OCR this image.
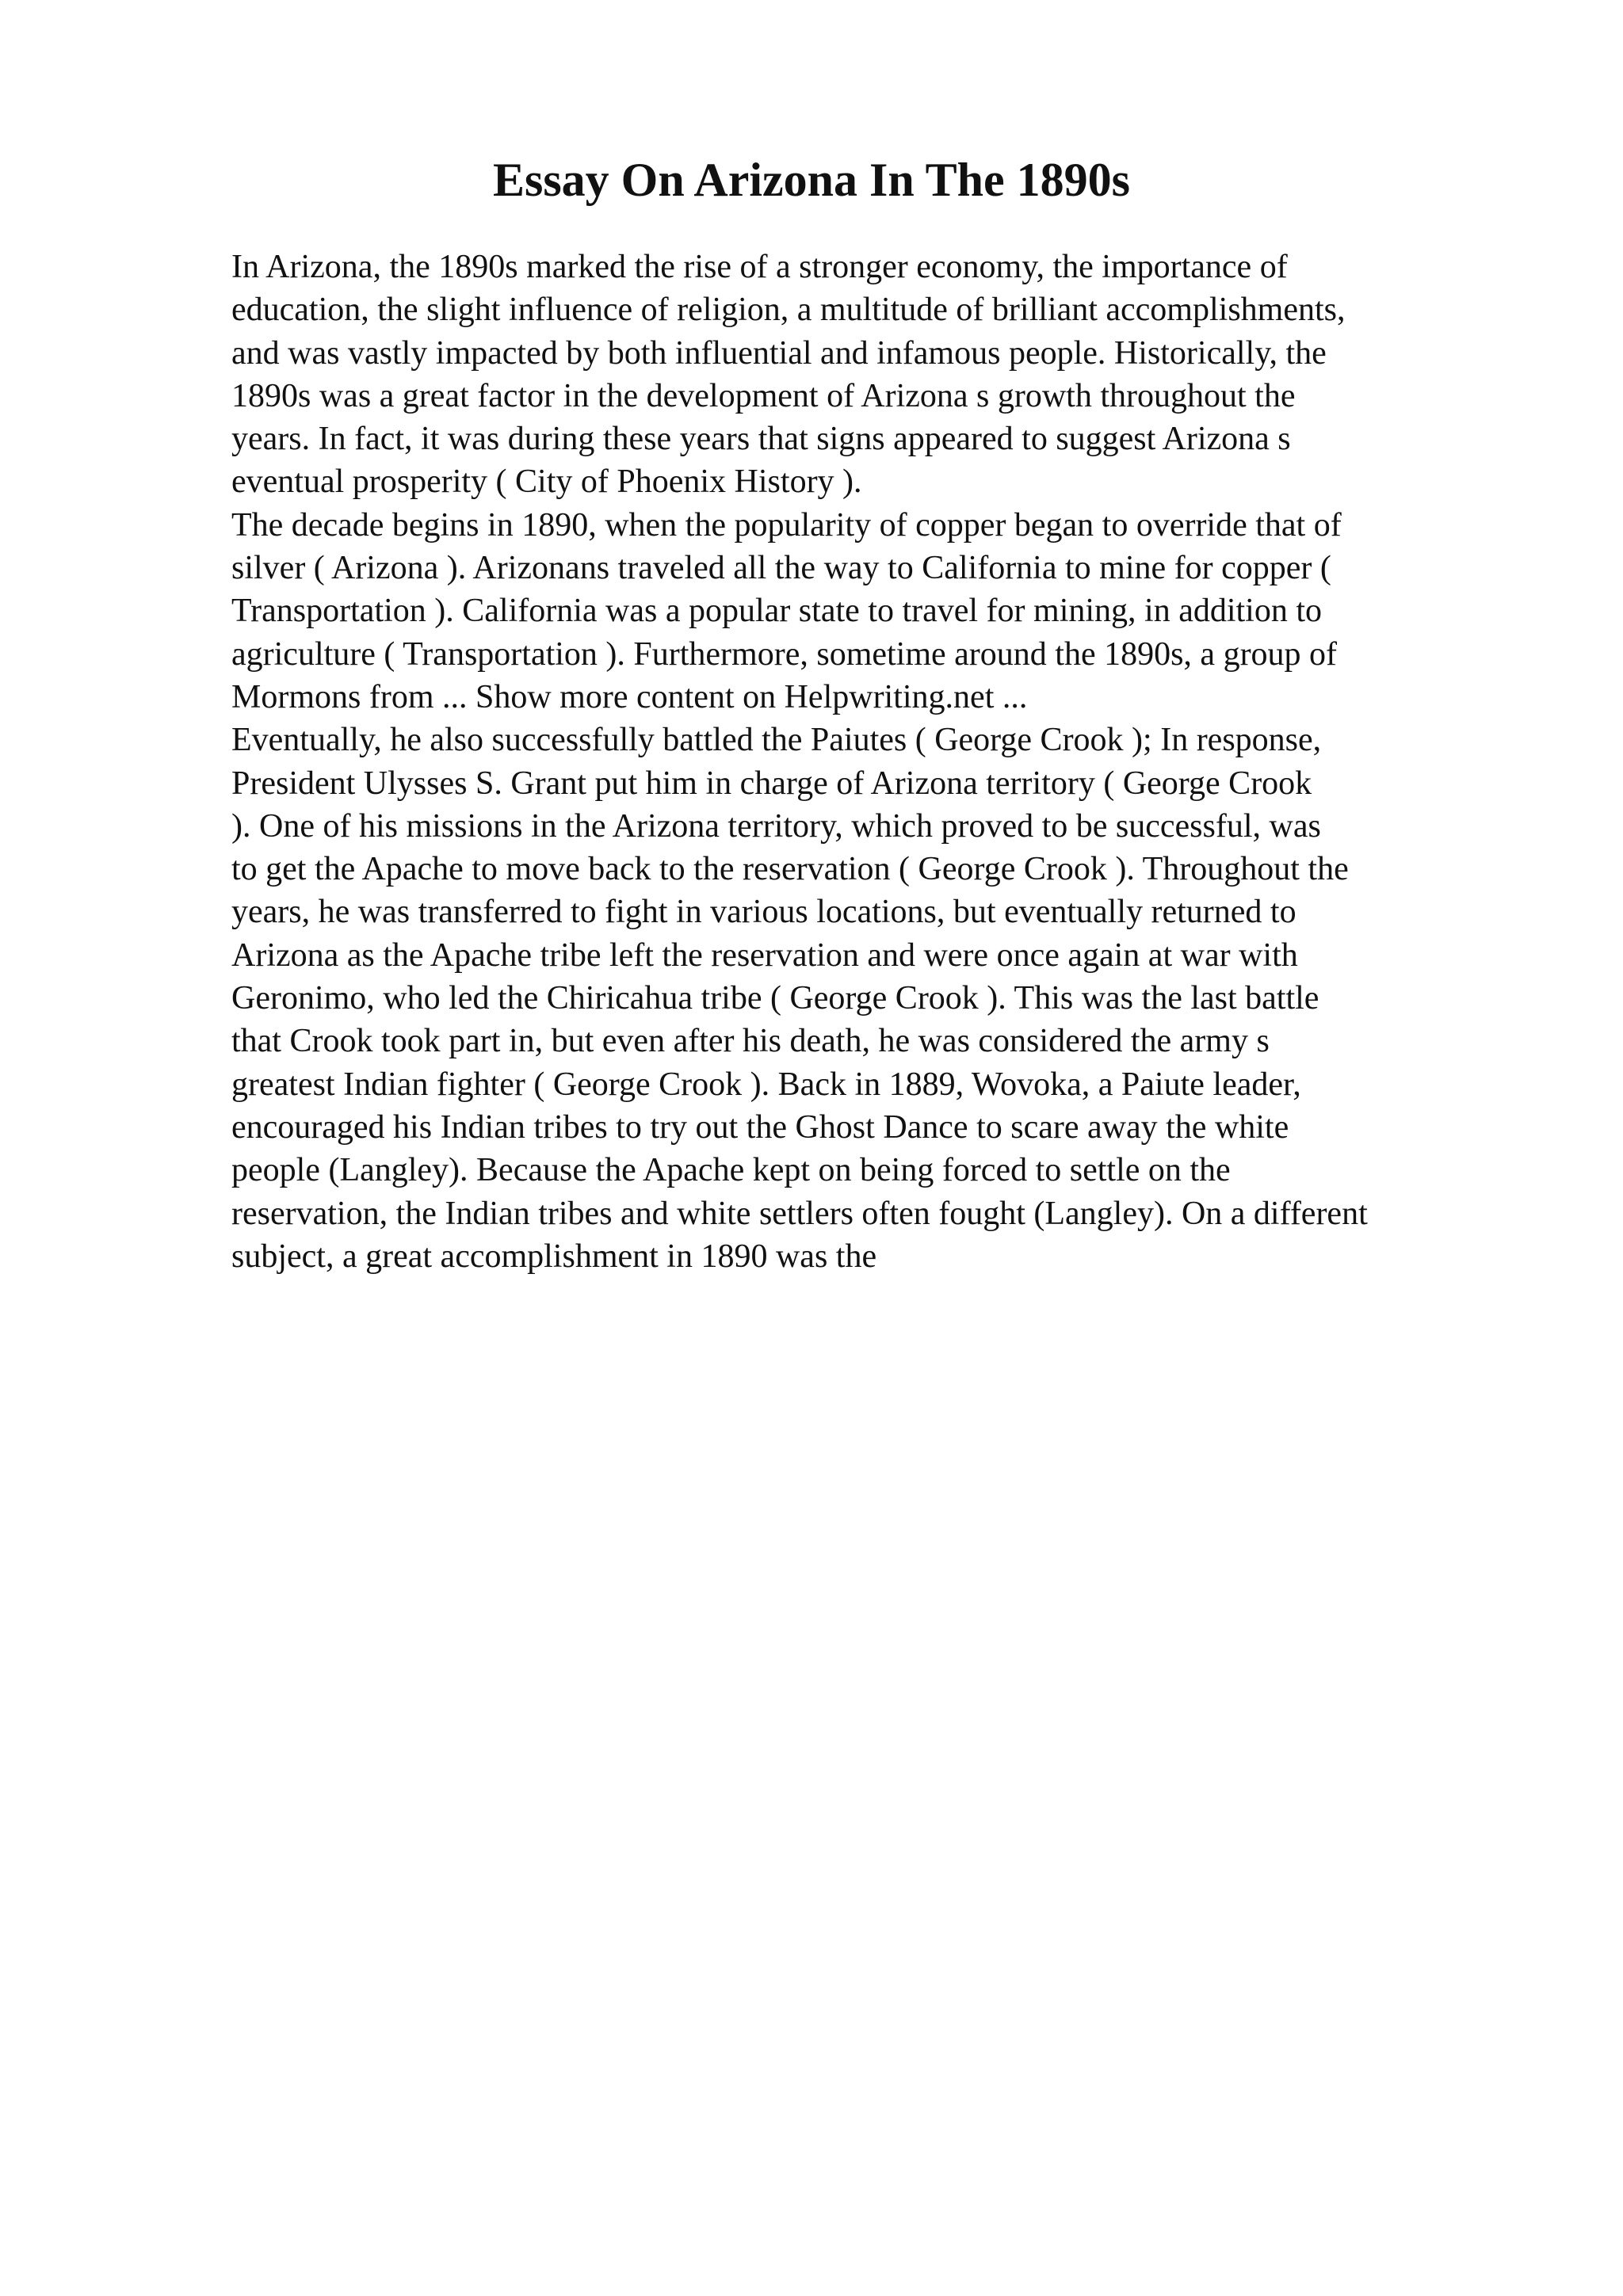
Essay On Arizona In The 1890s
In Arizona, the 1890s marked the rise of a stronger economy, the importance of
education, the slight influence of religion, a multitude of brilliant accomplishments,
and was vastly impacted by both influential and infamous people. Historically, the
1890s was a great factor in the development of Arizona s growth throughout the
years. In fact, it was during these years that signs appeared to suggest Arizona s
eventual prosperity ( City of Phoenix History ).
The decade begins in 1890, when the popularity of copper began to override that of
silver ( Arizona ). Arizonans traveled all the way to California to mine for copper (
Transportation ). California was a popular state to travel for mining, in addition to
agriculture ( Transportation ). Furthermore, sometime around the 1890s, a group of
Mormons from ... Show more content on Helpwriting.net ...
Eventually, he also successfully battled the Paiutes ( George Crook ); In response,
President Ulysses S. Grant put him in charge of Arizona territory ( George Crook
). One of his missions in the Arizona territory, which proved to be successful, was
to get the Apache to move back to the reservation ( George Crook ). Throughout the
years, he was transferred to fight in various locations, but eventually returned to
Arizona as the Apache tribe left the reservation and were once again at war with
Geronimo, who led the Chiricahua tribe ( George Crook ). This was the last battle
that Crook took part in, but even after his death, he was considered the army s
greatest Indian fighter ( George Crook ). Back in 1889, Wovoka, a Paiute leader,
encouraged his Indian tribes to try out the Ghost Dance to scare away the white
people (Langley). Because the Apache kept on being forced to settle on the
reservation, the Indian tribes and white settlers often fought (Langley). On a different
subject, a great accomplishment in 1890 was the
